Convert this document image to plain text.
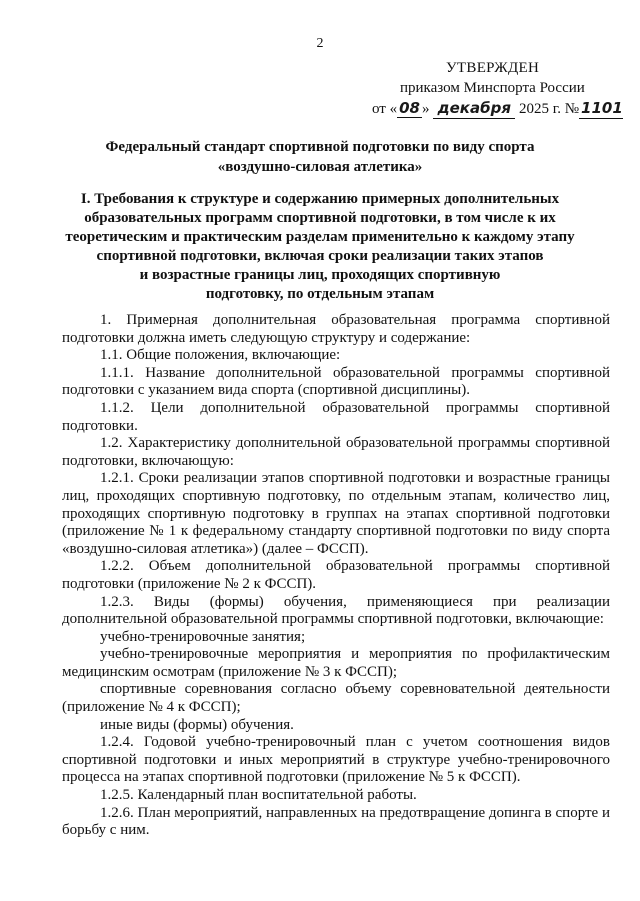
2
УТВЕРЖДЕН
приказом Минспорта России
от « 08 » декабря 2025 г. № 1101
Федеральный стандарт спортивной подготовки по виду спорта
«воздушно-силовая атлетика»
I. Требования к структуре и содержанию примерных дополнительных
образовательных программ спортивной подготовки, в том числе к их
теоретическим и практическим разделам применительно к каждому этапу
спортивной подготовки, включая сроки реализации таких этапов
и возрастные границы лиц, проходящих спортивную
подготовку, по отдельным этапам

1. Примерная дополнительная образовательная программа спортивной подготовки должна иметь следующую структуру и содержание:

1.1. Общие положения, включающие:

1.1.1. Название дополнительной образовательной программы спортивной подготовки с указанием вида спорта (спортивной дисциплины).

1.1.2. Цели дополнительной образовательной программы спортивной подготовки.

1.2. Характеристику дополнительной образовательной программы спортивной подготовки, включающую:

1.2.1. Сроки реализации этапов спортивной подготовки и возрастные границы лиц, проходящих спортивную подготовку, по отдельным этапам, количество лиц, проходящих спортивную подготовку в группах на этапах спортивной подготовки (приложение № 1 к федеральному стандарту спортивной подготовки по виду спорта «воздушно-силовая атлетика») (далее – ФССП).

1.2.2. Объем дополнительной образовательной программы спортивной подготовки (приложение № 2 к ФССП).

1.2.3. Виды (формы) обучения, применяющиеся при реализации дополнительной образовательной программы спортивной подготовки, включающие:

учебно-тренировочные занятия;

учебно-тренировочные мероприятия и мероприятия по профилактическим медицинским осмотрам (приложение № 3 к ФССП);

спортивные соревнования согласно объему соревновательной деятельности (приложение № 4 к ФССП);

иные виды (формы) обучения.

1.2.4. Годовой учебно-тренировочный план с учетом соотношения видов спортивной подготовки и иных мероприятий в структуре учебно-тренировочного процесса на этапах спортивной подготовки (приложение № 5 к ФССП).

1.2.5. Календарный план воспитательной работы.

1.2.6. План мероприятий, направленных на предотвращение допинга в спорте и борьбу с ним.
